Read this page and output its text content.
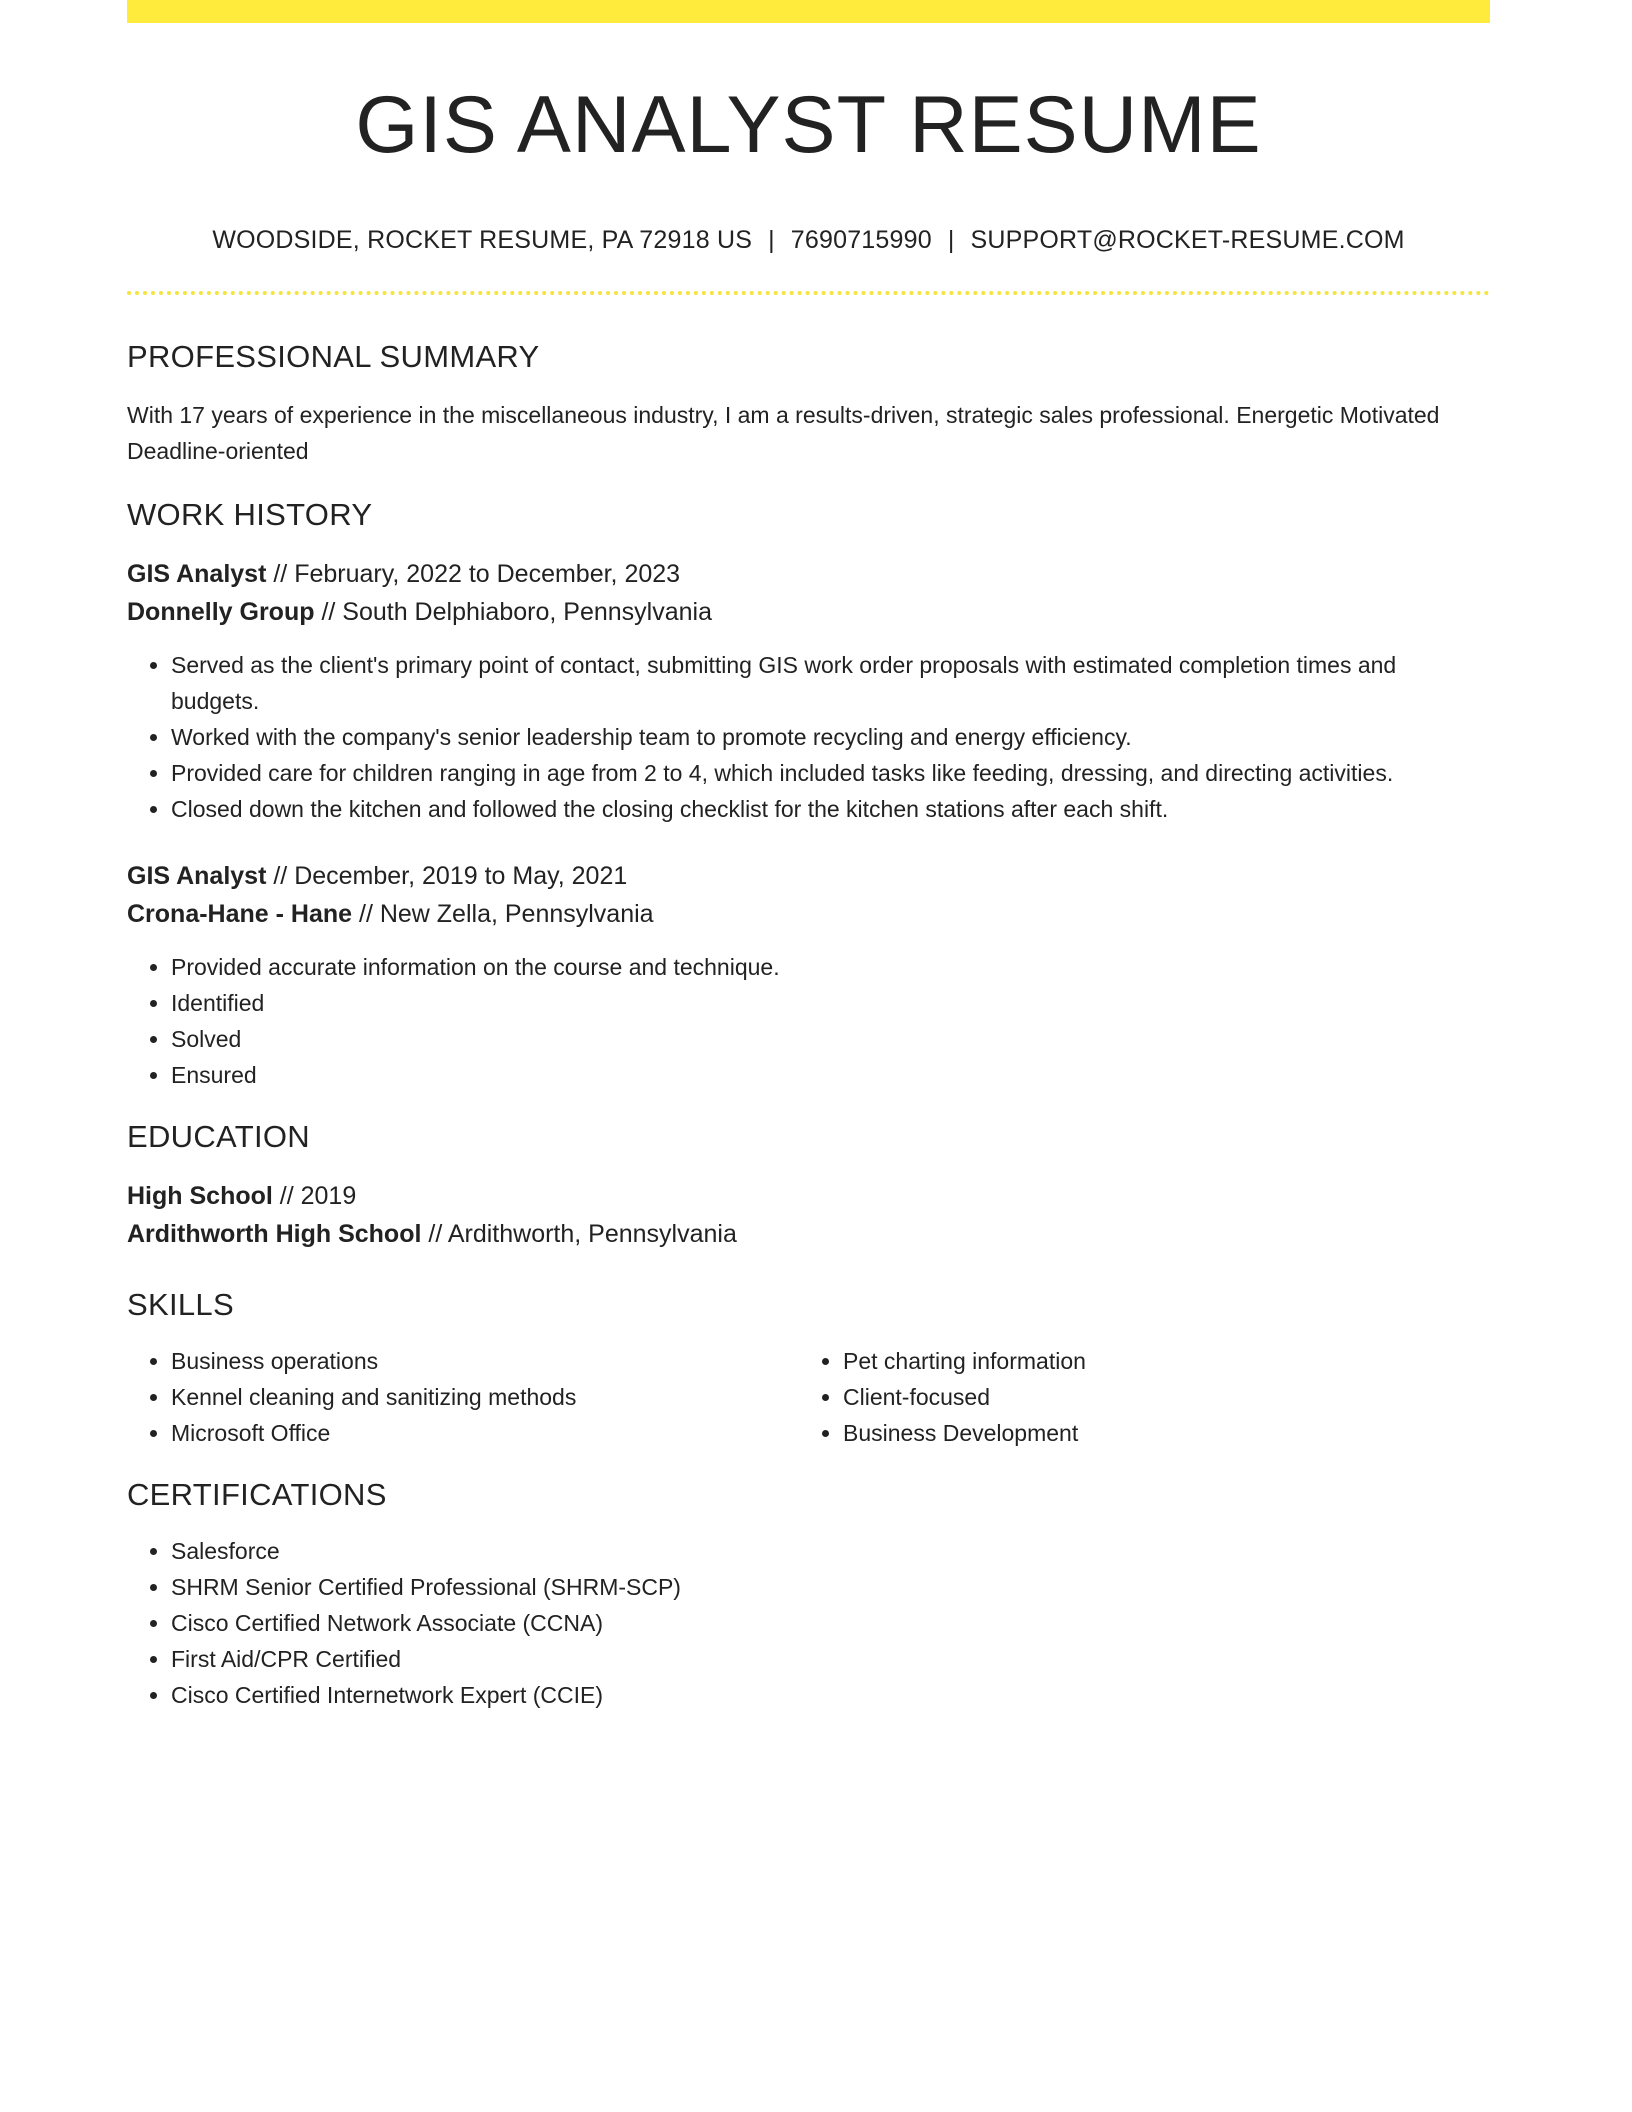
GIS ANALYST RESUME
WOODSIDE, ROCKET RESUME, PA 72918 US | 7690715990 | SUPPORT@ROCKET-RESUME.COM
PROFESSIONAL SUMMARY

With 17 years of experience in the miscellaneous industry, I am a results-driven, strategic sales professional. Energetic Motivated Deadline-oriented

WORK HISTORY
GIS Analyst // February, 2022 to December, 2023
Donnelly Group // South Delphiaboro, Pennsylvania
• Served as the client's primary point of contact, submitting GIS work order proposals with estimated completion times and budgets.
• Worked with the company's senior leadership team to promote recycling and energy efficiency.
• Provided care for children ranging in age from 2 to 4, which included tasks like feeding, dressing, and directing activities.
• Closed down the kitchen and followed the closing checklist for the kitchen stations after each shift.
GIS Analyst // December, 2019 to May, 2021
Crona-Hane - Hane // New Zella, Pennsylvania
• Provided accurate information on the course and technique.
• Identified
• Solved
• Ensured
EDUCATION
High School // 2019
Ardithworth High School // Ardithworth, Pennsylvania
SKILLS
• Business operations
• Kennel cleaning and sanitizing methods
• Microsoft Office
• Pet charting information
• Client-focused
• Business Development
CERTIFICATIONS
• Salesforce
• SHRM Senior Certified Professional (SHRM-SCP)
• Cisco Certified Network Associate (CCNA)
• First Aid/CPR Certified
• Cisco Certified Internetwork Expert (CCIE)
